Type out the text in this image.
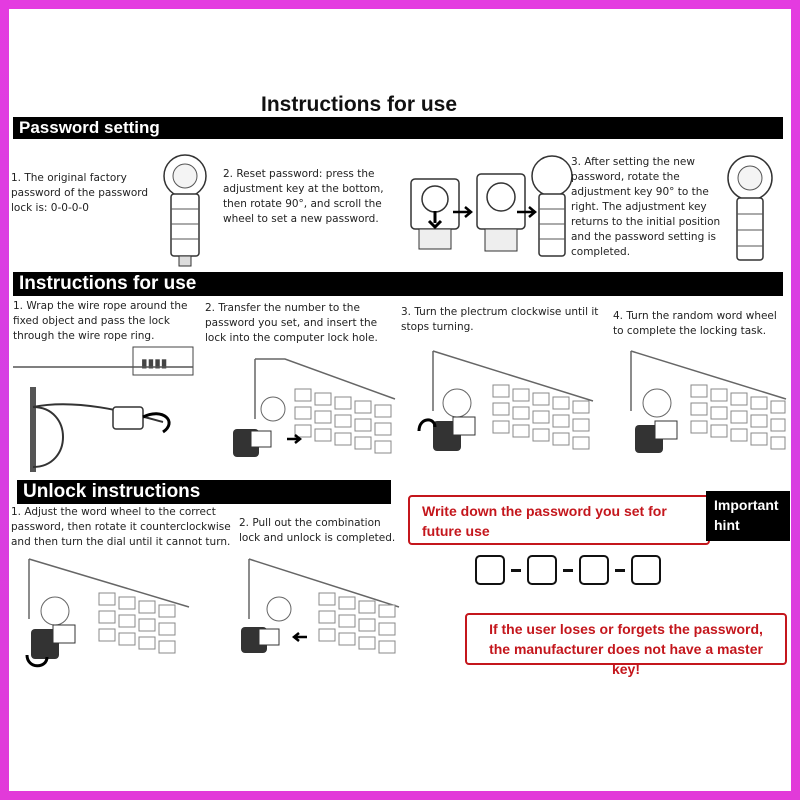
Instructions for use
Password setting
1. The original factory password of the password lock is: 0-0-0-0
2. Reset password: press the adjustment key at the bottom, then rotate 90°, and scroll the wheel to set a new password.
3. After setting the new password, rotate the adjustment key 90° to the right. The adjustment key returns to the initial position and the password setting is completed.
Instructions for use
1. Wrap the wire rope around the fixed object and pass the lock through the wire rope ring.
2. Transfer the number to the password you set, and insert the lock into the computer lock hole.
3. Turn the plectrum clockwise until it stops turning.
4. Turn the random word wheel to complete the locking task.
▮▮▮▮
Unlock instructions
1. Adjust the word wheel to the correct password, then rotate it counterclockwise and then turn the dial until it cannot turn.
2. Pull out the combination lock and unlock is completed.
Write down the password you set for future use
Important hint
If the user loses or forgets the password, the manufacturer does not have a master key!
